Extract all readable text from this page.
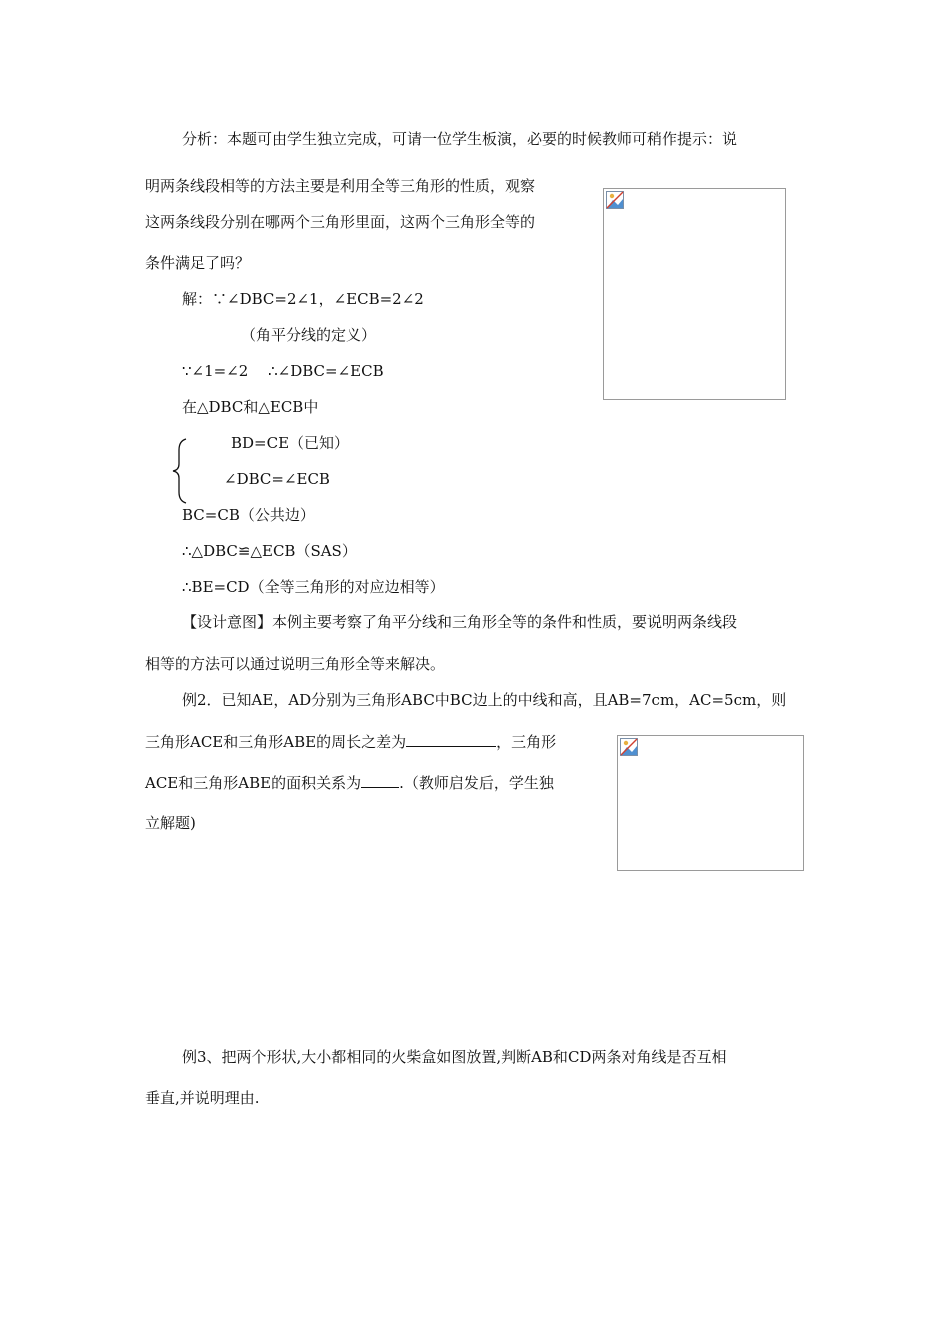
分析：本题可由学生独立完成，可请一位学生板演，必要的时候教师可稍作提示：说
明两条线段相等的方法主要是利用全等三角形的性质，观察
这两条线段分别在哪两个三角形里面，这两个三角形全等的
条件满足了吗？
解：∵∠DBC=2∠1，∠ECB=2∠2
（角平分线的定义）
∵∠1=∠2　 ∴∠DBC=∠ECB
在△DBC和△ECB中
BD=CE（已知）
∠DBC=∠ECB
BC=CB（公共边）
∴△DBC≌△ECB（SAS）
∴BE=CD（全等三角形的对应边相等）
【设计意图】本例主要考察了角平分线和三角形全等的条件和性质，要说明两条线段
相等的方法可以通过说明三角形全等来解决。
例2．已知AE，AD分别为三角形ABC中BC边上的中线和高，且AB=7cm，AC=5cm，则
三角形ACE和三角形ABE的周长之差为	，三角形
ACE和三角形ABE的面积关系为	.（教师启发后，学生独
立解题)
例3、把两个形状,大小都相同的火柴盒如图放置,判断AB和CD两条对角线是否互相
垂直,并说明理由.
